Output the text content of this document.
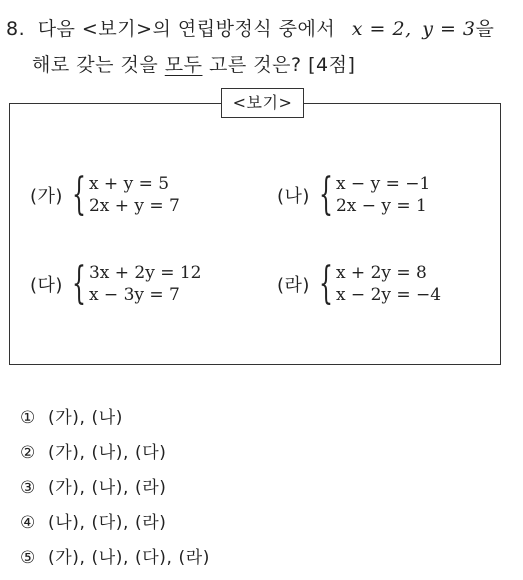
8. 다음 <보기>의 연립방정식 중에서 x = 2, y = 3을
해로 갖는 것을 모두 고른 것은? [4점]
<보기>
(가) { x + y = 5
2x + y = 7	(나) { x − y = −1
2x − y = 1
(다) { 3x + 2y = 12
x − 3y = 7	(라) { x + 2y = 8
x − 2y = −4
① (가), (나)
② (가), (나), (다)
③ (가), (나), (라)
④ (나), (다), (라)
⑤ (가), (나), (다), (라)
